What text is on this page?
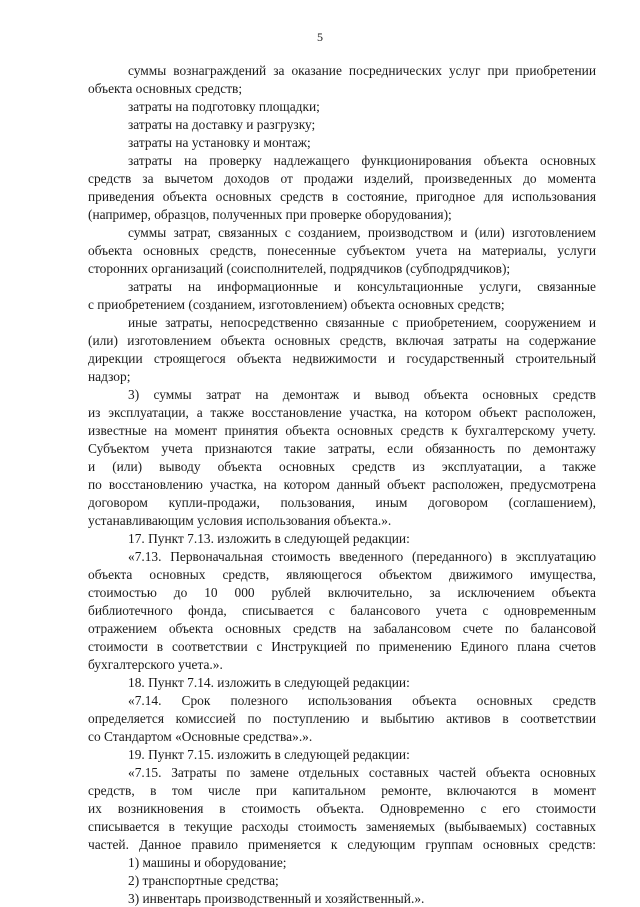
5
суммы вознаграждений за оказание посреднических услуг при приобретении
объекта основных средств;
затраты на подготовку площадки;
затраты на доставку и разгрузку;
затраты на установку и монтаж;
затраты на проверку надлежащего функционирования объекта основных
средств за вычетом доходов от продажи изделий, произведенных до момента
приведения объекта основных средств в состояние, пригодное для использования
(например, образцов, полученных при проверке оборудования);
суммы затрат, связанных с созданием, производством и (или) изготовлением
объекта основных средств, понесенные субъектом учета на материалы, услуги
сторонних организаций (соисполнителей, подрядчиков (субподрядчиков);
затраты на информационные и консультационные услуги, связанные
с приобретением (созданием, изготовлением) объекта основных средств;
иные затраты, непосредственно связанные с приобретением, сооружением и
(или) изготовлением объекта основных средств, включая затраты на содержание
дирекции строящегося объекта недвижимости и государственный строительный
надзор;
3) суммы затрат на демонтаж и вывод объекта основных средств
из эксплуатации, а также восстановление участка, на котором объект расположен,
известные на момент принятия объекта основных средств к бухгалтерскому учету.
Субъектом учета признаются такие затраты, если обязанность по демонтажу
и (или) выводу объекта основных средств из эксплуатации, а также
по восстановлению участка, на котором данный объект расположен, предусмотрена
договором купли-продажи, пользования, иным договором (соглашением),
устанавливающим условия использования объекта.».
17. Пункт 7.13. изложить в следующей редакции:
«7.13. Первоначальная стоимость введенного (переданного) в эксплуатацию
объекта основных средств, являющегося объектом движимого имущества,
стоимостью до 10 000 рублей включительно, за исключением объекта
библиотечного фонда, списывается с балансового учета с одновременным
отражением объекта основных средств на забалансовом счете по балансовой
стоимости в соответствии с Инструкцией по применению Единого плана счетов
бухгалтерского учета.».
18. Пункт 7.14. изложить в следующей редакции:
«7.14. Срок полезного использования объекта основных средств
определяется комиссией по поступлению и выбытию активов в соответствии
со Стандартом «Основные средства».».
19. Пункт 7.15. изложить в следующей редакции:
«7.15. Затраты по замене отдельных составных частей объекта основных
средств, в том числе при капитальном ремонте, включаются в момент
их возникновения в стоимость объекта. Одновременно с его стоимости
списывается в текущие расходы стоимость заменяемых (выбываемых) составных
частей. Данное правило применяется к следующим группам основных средств:
1) машины и оборудование;
2) транспортные средства;
3) инвентарь производственный и хозяйственный.».
